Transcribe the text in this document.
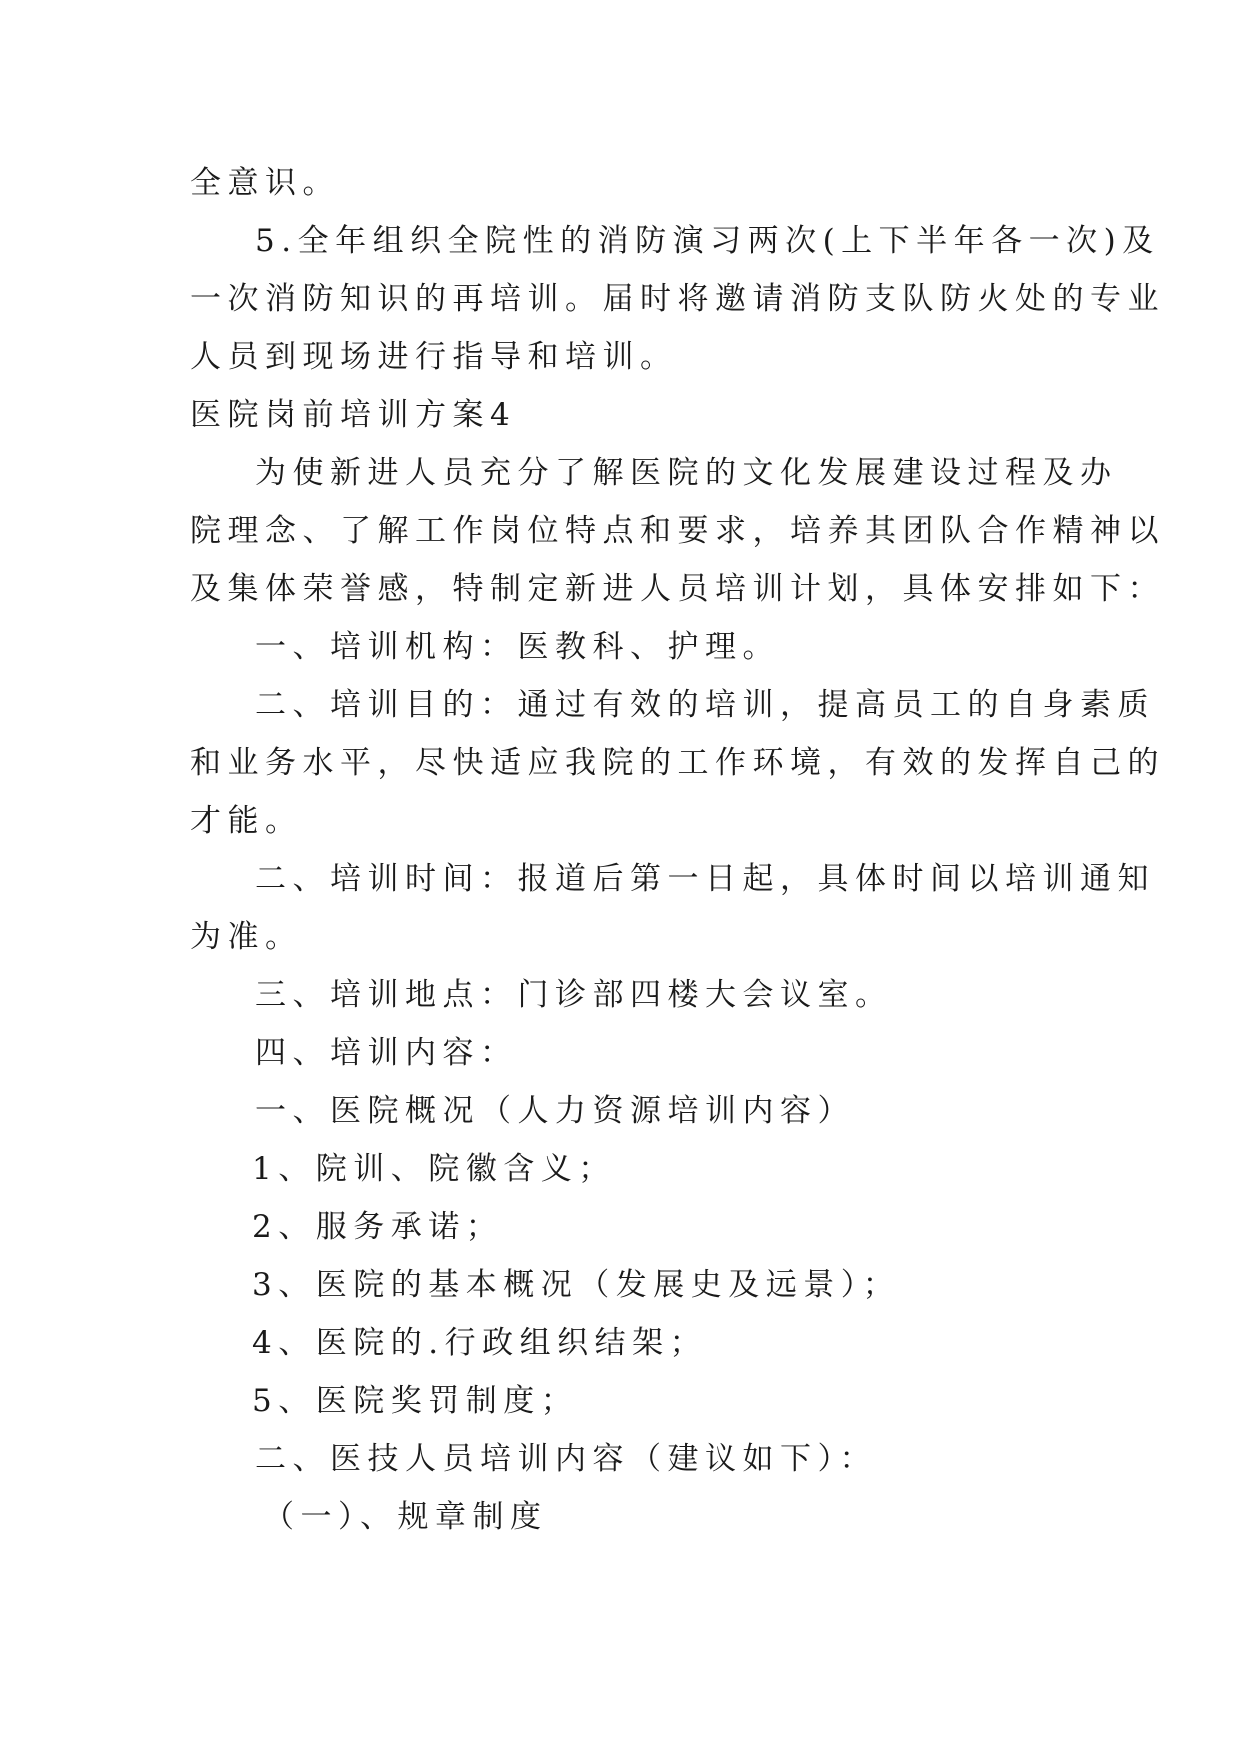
全意识。
5.全年组织全院性的消防演习两次(上下半年各一次)及
一次消防知识的再培训。届时将邀请消防支队防火处的专业
人员到现场进行指导和培训。
医院岗前培训方案4
为使新进人员充分了解医院的文化发展建设过程及办
院理念、了解工作岗位特点和要求，培养其团队合作精神以
及集体荣誉感，特制定新进人员培训计划，具体安排如下：
一、培训机构：医教科、护理。
二、培训目的：通过有效的培训，提高员工的自身素质
和业务水平，尽快适应我院的工作环境，有效的发挥自己的
才能。
二、培训时间：报道后第一日起，具体时间以培训通知
为准。
三、培训地点：门诊部四楼大会议室。
四、培训内容：
一、医院概况（人力资源培训内容）
1、院训、院徽含义；
2、服务承诺；
3、医院的基本概况（发展史及远景）；
4、医院的.行政组织结架；
5、医院奖罚制度；
二、医技人员培训内容（建议如下）：
（一）、规章制度
